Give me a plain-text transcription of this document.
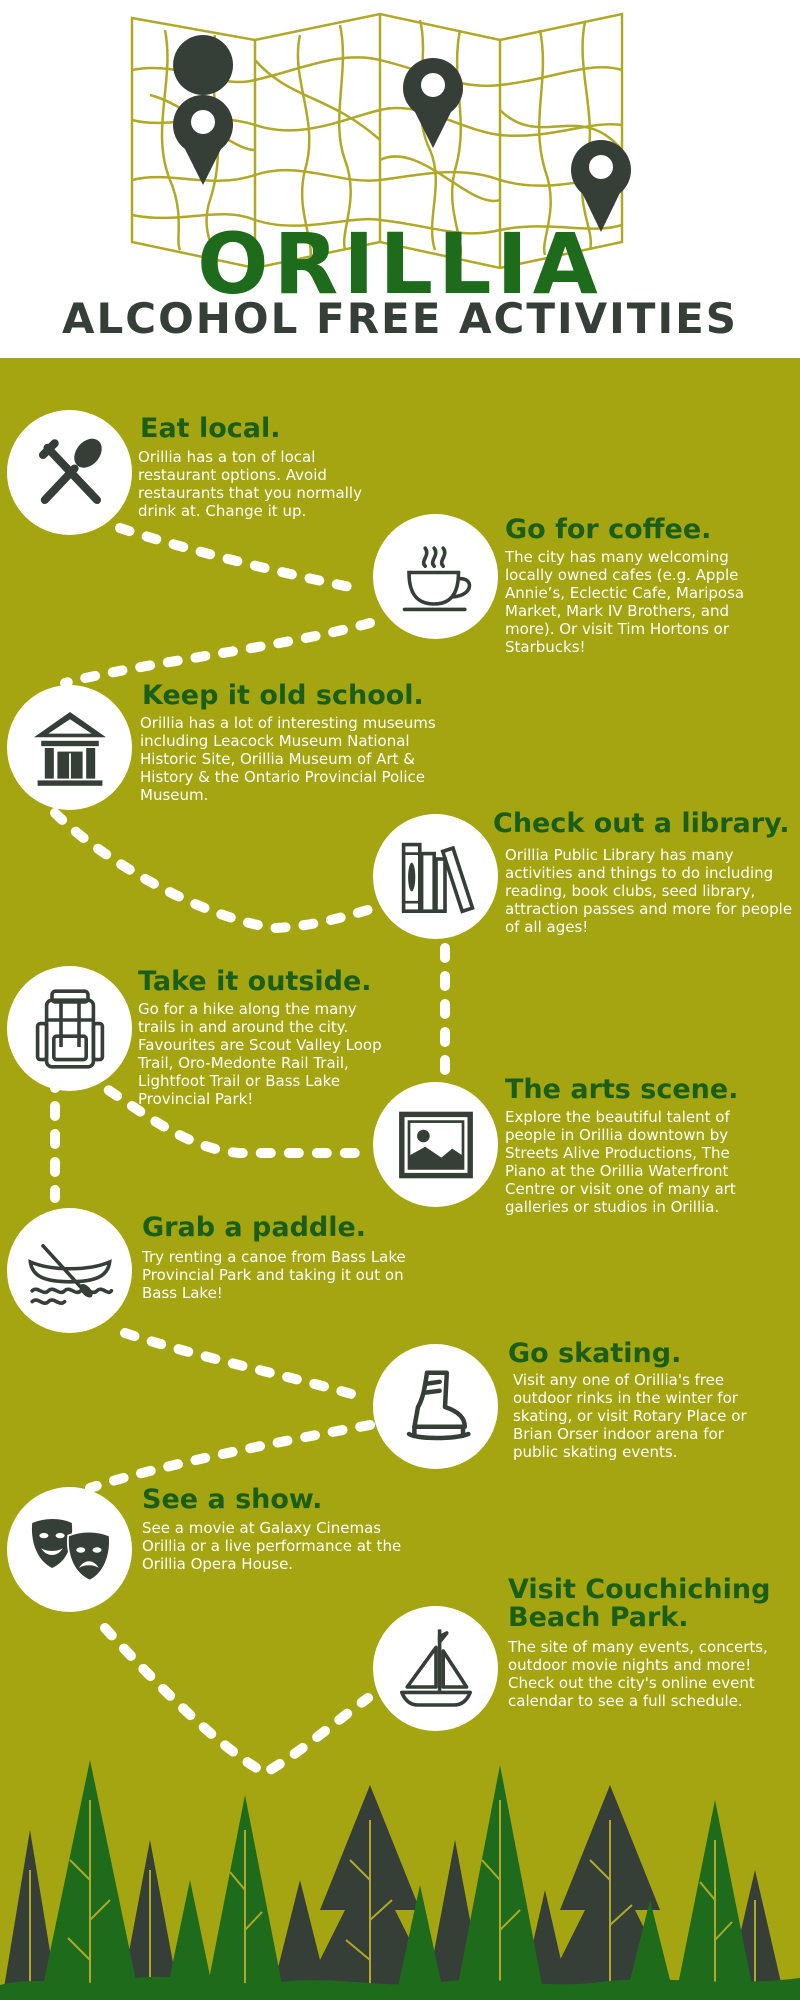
ORILLIA
ALCOHOL FREE ACTIVITIES
Eat local.
Orillia has a ton of local restaurant options. Avoid restaurants that you normally drink at. Change it up.
Go for coffee.
The city has many welcoming locally owned cafes (e.g. Apple Annie’s, Eclectic Cafe, Mariposa Market, Mark IV Brothers, and more). Or visit Tim Hortons or Starbucks!
Keep it old school.
Orillia has a lot of interesting museums including Leacock Museum National Historic Site, Orillia Museum of Art & History & the Ontario Provincial Police Museum.
Check out a library.
Orillia Public Library has many activities and things to do including reading, book clubs, seed library, attraction passes and more for people of all ages!
Take it outside.
Go for a hike along the many trails in and around the city. Favourites are Scout Valley Loop Trail, Oro-Medonte Rail Trail, Lightfoot Trail or Bass Lake Provincial Park!	The arts scene.
Explore the beautiful talent of people in Orillia downtown by Streets Alive Productions, The Piano at the Orillia Waterfront Centre or visit one of many art galleries or studios in Orillia.
Grab a paddle.
Try renting a canoe from Bass Lake Provincial Park and taking it out on Bass Lake!
Go skating.
Visit any one of Orillia's free outdoor rinks in the winter for skating, or visit Rotary Place or Brian Orser indoor arena for public skating events.
See a show.
See a movie at Galaxy Cinemas Orillia or a live performance at the Orillia Opera House.
Visit Couchiching Beach Park.
The site of many events, concerts, outdoor movie nights and more! Check out the city's online event calendar to see a full schedule.
